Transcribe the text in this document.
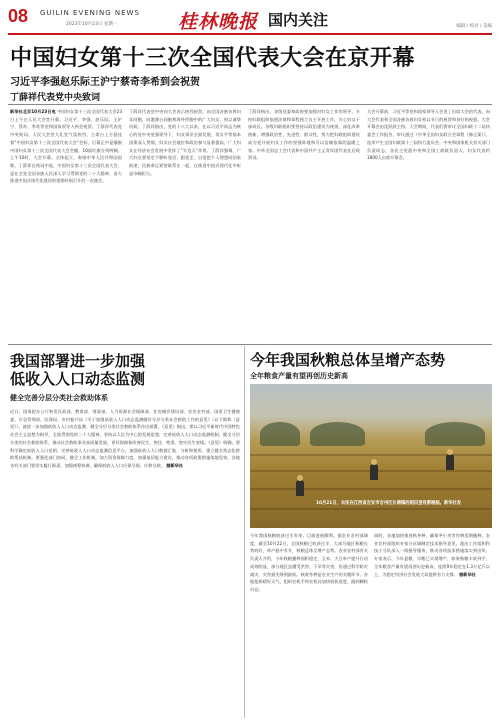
08 GUILIN EVENING NEWS
2023年10月23日 星期一	桂林晚报 国内关注	编辑 / 校对 / 美编
中国妇女第十三次全国代表大会在京开幕
习近平李强赵乐际王沪宁蔡奇李希到会祝贺
丁薛祥代表党中央致词
新华社北京10月23日电 中国妇女第十三次全国代表大会23日上午在人民大会堂开幕。习近平、李强、赵乐际、王沪宁、蔡奇、李希等党和国家领导人到会祝贺。丁薛祥代表党中央致词。人民大会堂大礼堂气氛热烈，主席台上方悬挂着“中国妇女第十三次全国代表大会”会标，后幕正中是镶嵌中国妇女第十三次全国代表大会会徽，10面红旗分列两侧。上午10时，大会开幕。全体起立，奏唱中华人民共和国国歌。丁薛祥在致词中说，中国妇女第十三次全国代表大会，是在全党全国各族人民深入学习贯彻党的二十大精神、奋力推进中国式现代化建设的重要时刻召开的一次盛会。
丁薛祥代表党中央向大会表示热烈祝贺，向全国各族各界妇女同胞，向港澳台同胞和海外侨胞中的广大妇女，致以诚挚问候。丁薛祥指出，党的十八大以来，在以习近平同志为核心的党中央坚强领导下，妇女事业全面发展，男女平等基本国策深入贯彻，妇女社会地位和政治参与显著提高，广大妇女在经济社会发展中发挥了“半边天”作用。丁薛祥强调，广大妇女要坚定不移听党话、跟党走，自觉把个人理想同国家前途、民族命运紧密联系在一起，在推进中国式现代化中彰显巾帼担当。
丁薛祥指出，各级党委和政府要加强对妇女工作的领导，支持妇联组织依照法律和章程独立自主开展工作，关心妇女干部成长。各级妇联组织要坚持以政治建设为统领，深化改革创新，增强政治性、先进性、群众性，努力把妇联组织建设成为党开展妇女工作的坚强阵地和可以信赖依靠的温暖之家。中华全国总工会代表和中国共产主义青年团代表先后致贺词。
大会开幕前，习近平等党和国家领导人会见了出席大会的代表，向大会代表和全国各族各界妇女致以节日的祝贺和良好的祝愿。大会开幕会由沈跃跃主持。大会期间，代表们将审议全国妇联十二届执委会工作报告，审议通过《中华全国妇女联合会章程（修正案）》，选举产生全国妇联第十三届执行委员会。中央和国家机关有关部门负责同志，各民主党派中央和全国工商联负责人，妇女代表约1800人出席开幕会。
我国部署进一步加强
低收入人口动态监测
健全完善分层分类社会救助体系
近日，国务院办公厅转发民政部、教育部、财政部、人力资源社会保障部、住房城乡建设部、农业农村部、国家卫生健康委、应急管理部、医保局、乡村振兴局《关于加强低收入人口动态监测做好分层分类社会救助工作的意见》（以下简称《意见》），就进一步加强低收入人口动态监测、健全分层分类社会救助体系作出部署。《意见》指出，要以习近平新时代中国特色社会主义思想为指导，全面贯彻党的二十大精神，坚持以人民为中心的发展思想，完善低收入人口动态监测机制，健全分层分类的社会救助体系，推动社会救助事业高质量发展，更好保障和改善民生，兜住、兜准、兜牢民生底线。《意见》明确，要科学确定低收入人口范围，完善低收入人口动态监测信息平台，加强低收入人口数据汇集、分析和使用，建立健全常态化救助帮扶机制。要强化部门协同，健全工作机制，加大资金保障力度，加强基层能力建设，推动各项政策措施落地见效。各地各有关部门要切实履行职责，加强统筹协调，确保低收入人口应保尽保、应救尽救。 据新华社
今年我国秋粮总体呈增产态势
全年粮食产量有望再创历史新高
10月21日，农民在江西省吉安市吉州区长塘镇的稻田里收割晚稻。新华社发
今年我国秋粮收获过半有余，目前进展顺利。据农业农村部调度，截至10月22日，全国秋粮已收获过半，大部分地区秋粮长势较好，单产稳中有升，秋粮总体呈增产态势。农业农村部有关负责人介绍，今年秋粮播种面积稳定，玉米、大豆单产提升行动成效明显，部分地区虽遭受洪涝、干旱等灾害，但通过科学防灾减灾，灾害损失降到最低。秋收冬种是农业生产的关键环节。各地抢抓晴好天气，组织农机手和农机具加快收获进度，做到颗粒归仓。
同时，各地加快推进秋冬种，确保冬小麦等作物适期播种。农业农村部组织专家分区域制定技术指导意见，派出工作组和科技小分队深入一线指导服务，推动各项技术措施落实到田块。专家表示，今年夏粮、早稻已实现增产，如果秋粮丰收到手，全年粮食产量有望再创历史新高，连续9年稳定在1.3万亿斤以上，为稳定经济社会发展大局提供有力支撑。 据新华社
